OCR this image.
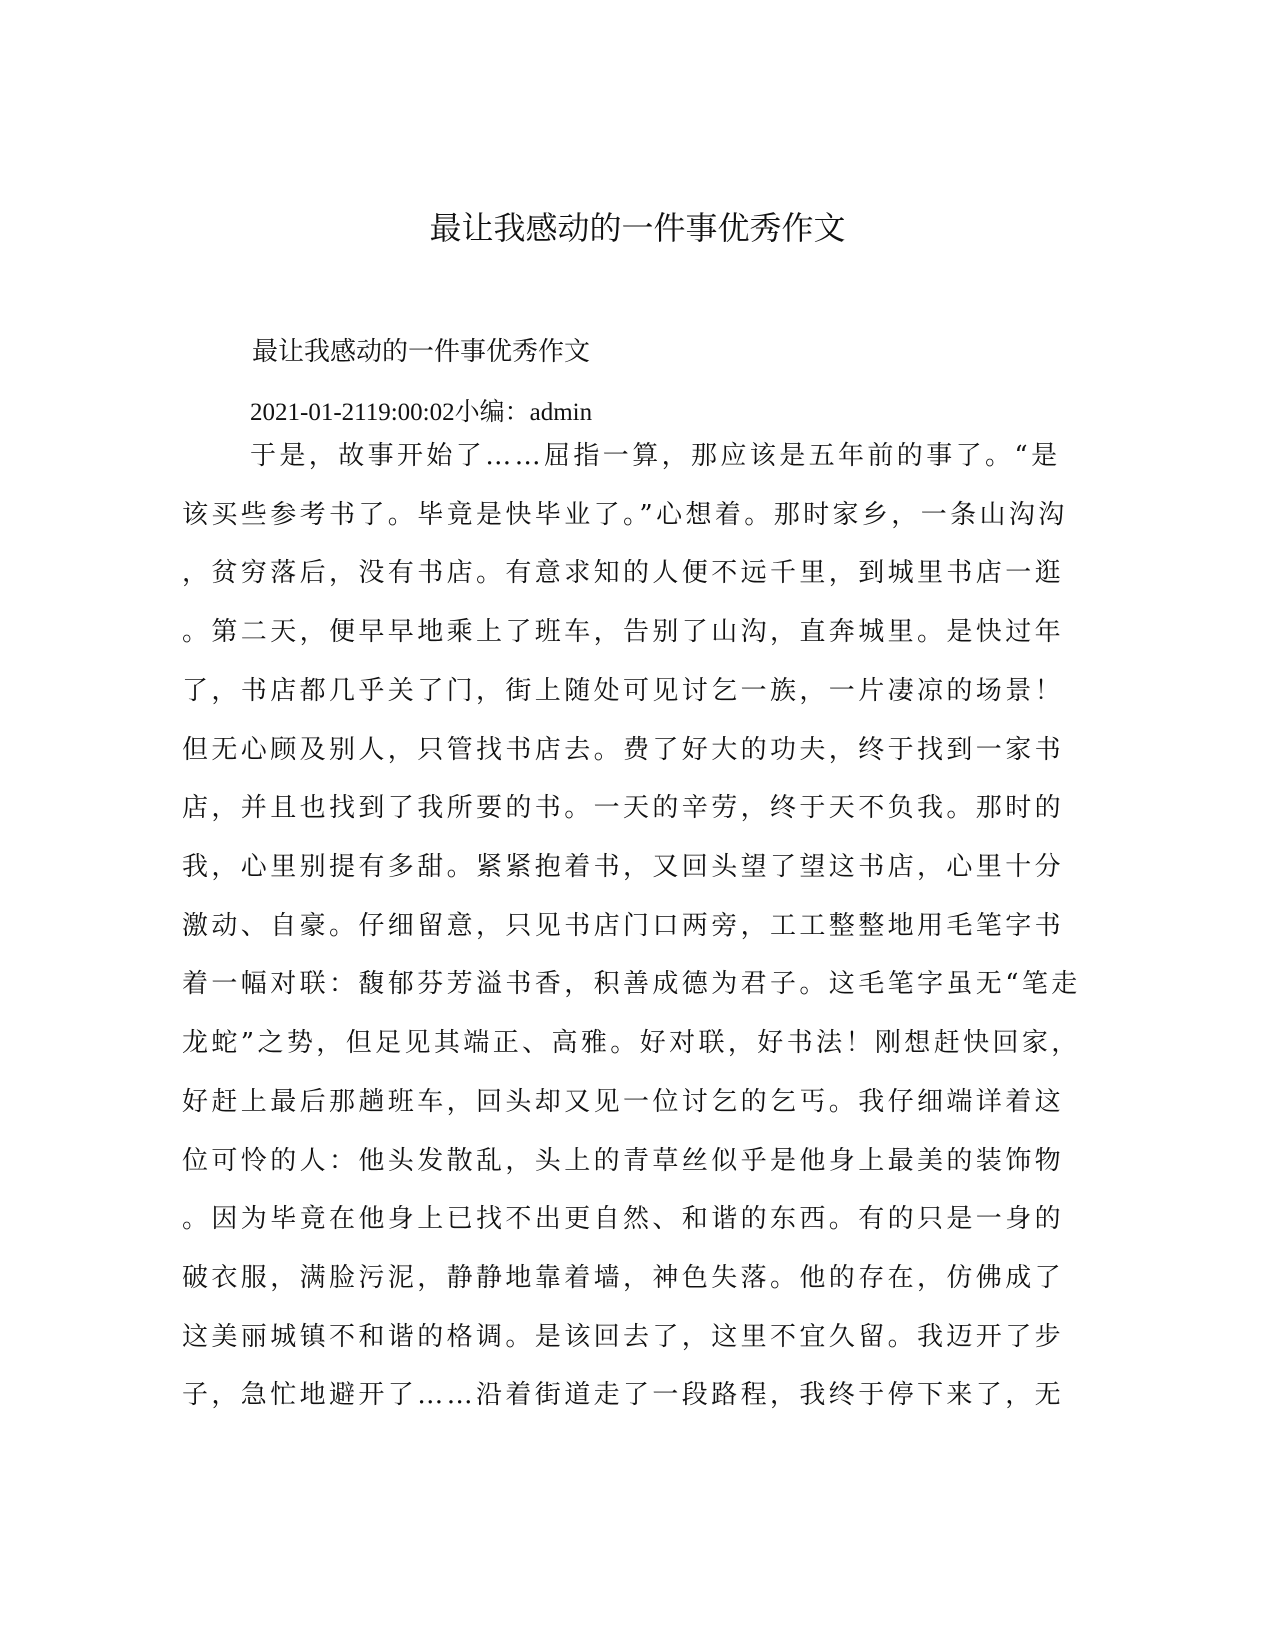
最让我感动的一件事优秀作文

最让我感动的一件事优秀作文

2021-01-2119:00:02小编：admin

于是，故事开始了……屈指一算，那应该是五年前的事了。“是

该买些参考书了。毕竟是快毕业了。”心想着。那时家乡，一条山沟沟

，贫穷落后，没有书店。有意求知的人便不远千里，到城里书店一逛

。第二天，便早早地乘上了班车，告别了山沟，直奔城里。是快过年

了，书店都几乎关了门，街上随处可见讨乞一族，一片凄凉的场景！

但无心顾及别人，只管找书店去。费了好大的功夫，终于找到一家书

店，并且也找到了我所要的书。一天的辛劳，终于天不负我。那时的

我，心里别提有多甜。紧紧抱着书，又回头望了望这书店，心里十分

激动、自豪。仔细留意，只见书店门口两旁，工工整整地用毛笔字书

着一幅对联：馥郁芬芳溢书香，积善成德为君子。这毛笔字虽无“笔走

龙蛇”之势，但足见其端正、高雅。好对联，好书法！刚想赶快回家，

好赶上最后那趟班车，回头却又见一位讨乞的乞丐。我仔细端详着这

位可怜的人：他头发散乱，头上的青草丝似乎是他身上最美的装饰物

。因为毕竟在他身上已找不出更自然、和谐的东西。有的只是一身的

破衣服，满脸污泥，静静地靠着墙，神色失落。他的存在，仿佛成了

这美丽城镇不和谐的格调。是该回去了，这里不宜久留。我迈开了步

子，急忙地避开了……沿着街道走了一段路程，我终于停下来了，无
